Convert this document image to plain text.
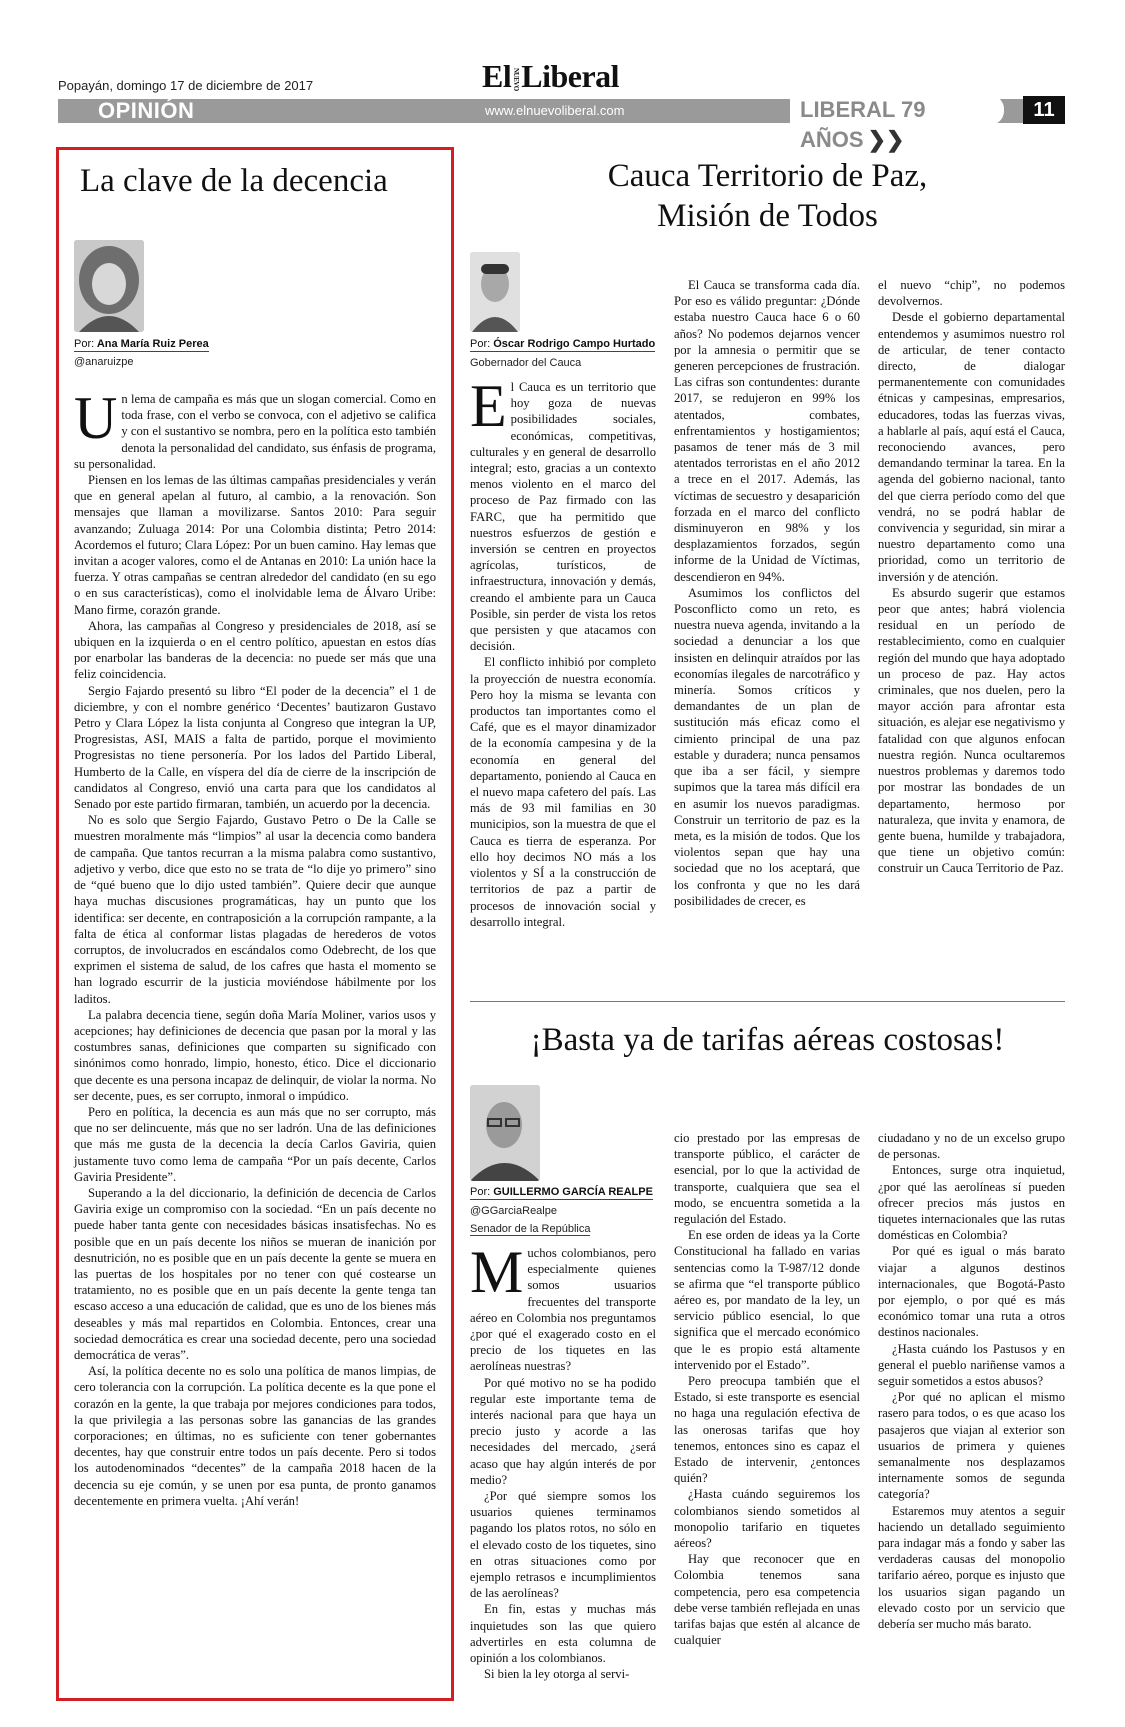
Popayán, domingo 17 de diciembre de 2017	ElNUEVOLiberal
OPINIÓN	www.elnuevoliberal.com	LIBERAL 79 AÑOS ❯❯
11
La clave de la decencia
Por: Ana María Ruiz Perea
@anaruizpe

Un lema de campaña es más que un slogan comercial. Como en toda frase, con el verbo se convoca, con el adjetivo se califica y con el sustantivo se nombra, pero en la política esto también denota la personalidad del candidato, sus énfasis de programa, su personalidad.

Piensen en los lemas de las últimas campañas presidenciales y verán que en general apelan al futuro, al cambio, a la renovación. Son mensajes que llaman a movilizarse. Santos 2010: Para seguir avanzando; Zuluaga 2014: Por una Colombia distinta; Petro 2014: Acordemos el futuro; Clara López: Por un buen camino. Hay lemas que invitan a acoger valores, como el de Antanas en 2010: La unión hace la fuerza. Y otras campañas se centran alrededor del candidato (en su ego o en sus características), como el inolvidable lema de Álvaro Uribe: Mano firme, corazón grande.

Ahora, las campañas al Congreso y presidenciales de 2018, así se ubiquen en la izquierda o en el centro político, apuestan en estos días por enarbolar las banderas de la decencia: no puede ser más que una feliz coincidencia.

Sergio Fajardo presentó su libro “El poder de la decencia” el 1 de diciembre, y con el nombre genérico ‘Decentes’ bautizaron Gustavo Petro y Clara López la lista conjunta al Congreso que integran la UP, Progresistas, ASI, MAIS a falta de partido, porque el movimiento Progresistas no tiene personería. Por los lados del Partido Liberal, Humberto de la Calle, en víspera del día de cierre de la inscripción de candidatos al Congreso, envió una carta para que los candidatos al Senado por este partido firmaran, también, un acuerdo por la decencia.

No es solo que Sergio Fajardo, Gustavo Petro o De la Calle se muestren moralmente más “limpios” al usar la decencia como bandera de campaña. Que tantos recurran a la misma palabra como sustantivo, adjetivo y verbo, dice que esto no se trata de “lo dije yo primero” sino de “qué bueno que lo dijo usted también”. Quiere decir que aunque haya muchas discusiones programáticas, hay un punto que los identifica: ser decente, en contraposición a la corrupción rampante, a la falta de ética al conformar listas plagadas de herederos de votos corruptos, de involucrados en escándalos como Odebrecht, de los que exprimen el sistema de salud, de los cafres que hasta el momento se han logrado escurrir de la justicia moviéndose hábilmente por los laditos.

La palabra decencia tiene, según doña María Moliner, varios usos y acepciones; hay definiciones de decencia que pasan por la moral y las costumbres sanas, definiciones que comparten su significado con sinónimos como honrado, limpio, honesto, ético. Dice el diccionario que decente es una persona incapaz de delinquir, de violar la norma. No ser decente, pues, es ser corrupto, inmoral o impúdico.

Pero en política, la decencia es aun más que no ser corrupto, más que no ser delincuente, más que no ser ladrón. Una de las definiciones que más me gusta de la decencia la decía Carlos Gaviria, quien justamente tuvo como lema de campaña “Por un país decente, Carlos Gaviria Presidente”.

Superando a la del diccionario, la definición de decencia de Carlos Gaviria exige un compromiso con la sociedad. “En un país decente no puede haber tanta gente con necesidades básicas insatisfechas. No es posible que en un país decente los niños se mueran de inanición por desnutrición, no es posible que en un país decente la gente se muera en las puertas de los hospitales por no tener con qué costearse un tratamiento, no es posible que en un país decente la gente tenga tan escaso acceso a una educación de calidad, que es uno de los bienes más deseables y más mal repartidos en Colombia. Entonces, crear una sociedad democrática es crear una sociedad decente, pero una sociedad democrática de veras”.

Así, la política decente no es solo una política de manos limpias, de cero tolerancia con la corrupción. La política decente es la que pone el corazón en la gente, la que trabaja por mejores condiciones para todos, la que privilegia a las personas sobre las ganancias de las grandes corporaciones; en últimas, no es suficiente con tener gobernantes decentes, hay que construir entre todos un país decente. Pero si todos los autodenominados “decentes” de la campaña 2018 hacen de la decencia su eje común, y se unen por esa punta, de pronto ganamos decentemente en primera vuelta. ¡Ahí verán!

Cauca Territorio de Paz,
Misión de Todos
Por: Óscar Rodrigo Campo Hurtado
Gobernador del Cauca

El Cauca es un territorio que hoy goza de nuevas posibilidades sociales, económicas, competitivas, culturales y en general de desarrollo integral; esto, gracias a un contexto menos violento en el marco del proceso de Paz firmado con las FARC, que ha permitido que nuestros esfuerzos de gestión e inversión se centren en proyectos agrícolas, turísticos, de infraestructura, innovación y demás, creando el ambiente para un Cauca Posible, sin perder de vista los retos que persisten y que atacamos con decisión.

El conflicto inhibió por completo la proyección de nuestra economía. Pero hoy la misma se levanta con productos tan importantes como el Café, que es el mayor dinamizador de la economía campesina y de la economía en general del departamento, poniendo al Cauca en el nuevo mapa cafetero del país. Las más de 93 mil familias en 30 municipios, son la muestra de que el Cauca es tierra de esperanza. Por ello hoy decimos NO más a los violentos y SÍ a la construcción de territorios de paz a partir de procesos de innovación social y desarrollo integral.

El Cauca se transforma cada día. Por eso es válido preguntar: ¿Dónde estaba nuestro Cauca hace 6 o 60 años? No podemos dejarnos vencer por la amnesia o permitir que se generen percepciones de frustración. Las cifras son contundentes: durante 2017, se redujeron en 99% los atentados, combates, enfrentamientos y hostigamientos; pasamos de tener más de 3 mil atentados terroristas en el año 2012 a trece en el 2017. Además, las víctimas de secuestro y desaparición forzada en el marco del conflicto disminuyeron en 98% y los desplazamientos forzados, según informe de la Unidad de Víctimas, descendieron en 94%.

Asumimos los conflictos del Posconflicto como un reto, es nuestra nueva agenda, invitando a la sociedad a denunciar a los que insisten en delinquir atraídos por las economías ilegales de narcotráfico y minería. Somos críticos y demandantes de un plan de sustitución más eficaz como el cimiento principal de una paz estable y duradera; nunca pensamos que iba a ser fácil, y siempre supimos que la tarea más difícil era en asumir los nuevos paradigmas. Construir un territorio de paz es la meta, es la misión de todos. Que los violentos sepan que hay una sociedad que no los aceptará, que los confronta y que no les dará posibilidades de crecer, es

el nuevo “chip”, no podemos devolvernos.

Desde el gobierno departamental entendemos y asumimos nuestro rol de articular, de tener contacto directo, de dialogar permanentemente con comunidades étnicas y campesinas, empresarios, educadores, todas las fuerzas vivas, a hablarle al país, aquí está el Cauca, reconociendo avances, pero demandando terminar la tarea. En la agenda del gobierno nacional, tanto del que cierra período como del que vendrá, no se podrá hablar de convivencia y seguridad, sin mirar a nuestro departamento como una prioridad, como un territorio de inversión y de atención.

Es absurdo sugerir que estamos peor que antes; habrá violencia residual en un período de restablecimiento, como en cualquier región del mundo que haya adoptado un proceso de paz. Hay actos criminales, que nos duelen, pero la mayor acción para afrontar esta situación, es alejar ese negativismo y fatalidad con que algunos enfocan nuestra región. Nunca ocultaremos nuestros problemas y daremos todo por mostrar las bondades de un departamento, hermoso por naturaleza, que invita y enamora, de gente buena, humilde y trabajadora, que tiene un objetivo común: construir un Cauca Territorio de Paz.

¡Basta ya de tarifas aéreas costosas!
Por: GUILLERMO GARCÍA REALPE
@GGarciaRealpe
Senador de la República

Muchos colombianos, pero especialmente quienes somos usuarios frecuentes del transporte aéreo en Colombia nos preguntamos ¿por qué el exagerado costo en el precio de los tiquetes en las aerolíneas nuestras?

Por qué motivo no se ha podido regular este importante tema de interés nacional para que haya un precio justo y acorde a las necesidades del mercado, ¿será acaso que hay algún interés de por medio?

¿Por qué siempre somos los usuarios quienes terminamos pagando los platos rotos, no sólo en el elevado costo de los tiquetes, sino en otras situaciones como por ejemplo retrasos e incumplimientos de las aerolíneas?

En fin, estas y muchas más inquietudes son las que quiero advertirles en esta columna de opinión a los colombianos.

Si bien la ley otorga al servi-

cio prestado por las empresas de transporte público, el carácter de esencial, por lo que la actividad de transporte, cualquiera que sea el modo, se encuentra sometida a la regulación del Estado.

En ese orden de ideas ya la Corte Constitucional ha fallado en varias sentencias como la T-987/12 donde se afirma que “el transporte público aéreo es, por mandato de la ley, un servicio público esencial, lo que significa que el mercado económico que le es propio está altamente intervenido por el Estado”.

Pero preocupa también que el Estado, si este transporte es esencial no haga una regulación efectiva de las onerosas tarifas que hoy tenemos, entonces sino es capaz el Estado de intervenir, ¿entonces quién?

¿Hasta cuándo seguiremos los colombianos siendo sometidos al monopolio tarifario en tiquetes aéreos?

Hay que reconocer que en Colombia tenemos sana competencia, pero esa competencia debe verse también reflejada en unas tarifas bajas que estén al alcance de cualquier

ciudadano y no de un excelso grupo de personas.

Entonces, surge otra inquietud, ¿por qué las aerolíneas sí pueden ofrecer precios más justos en tiquetes internacionales que las rutas domésticas en Colombia?

Por qué es igual o más barato viajar a algunos destinos internacionales, que Bogotá-Pasto por ejemplo, o por qué es más económico tomar una ruta a otros destinos nacionales.

¿Hasta cuándo los Pastusos y en general el pueblo nariñense vamos a seguir sometidos a estos abusos?

¿Por qué no aplican el mismo rasero para todos, o es que acaso los pasajeros que viajan al exterior son usuarios de primera y quienes semanalmente nos desplazamos internamente somos de segunda categoría?

Estaremos muy atentos a seguir haciendo un detallado seguimiento para indagar más a fondo y saber las verdaderas causas del monopolio tarifario aéreo, porque es injusto que los usuarios sigan pagando un elevado costo por un servicio que debería ser mucho más barato.
